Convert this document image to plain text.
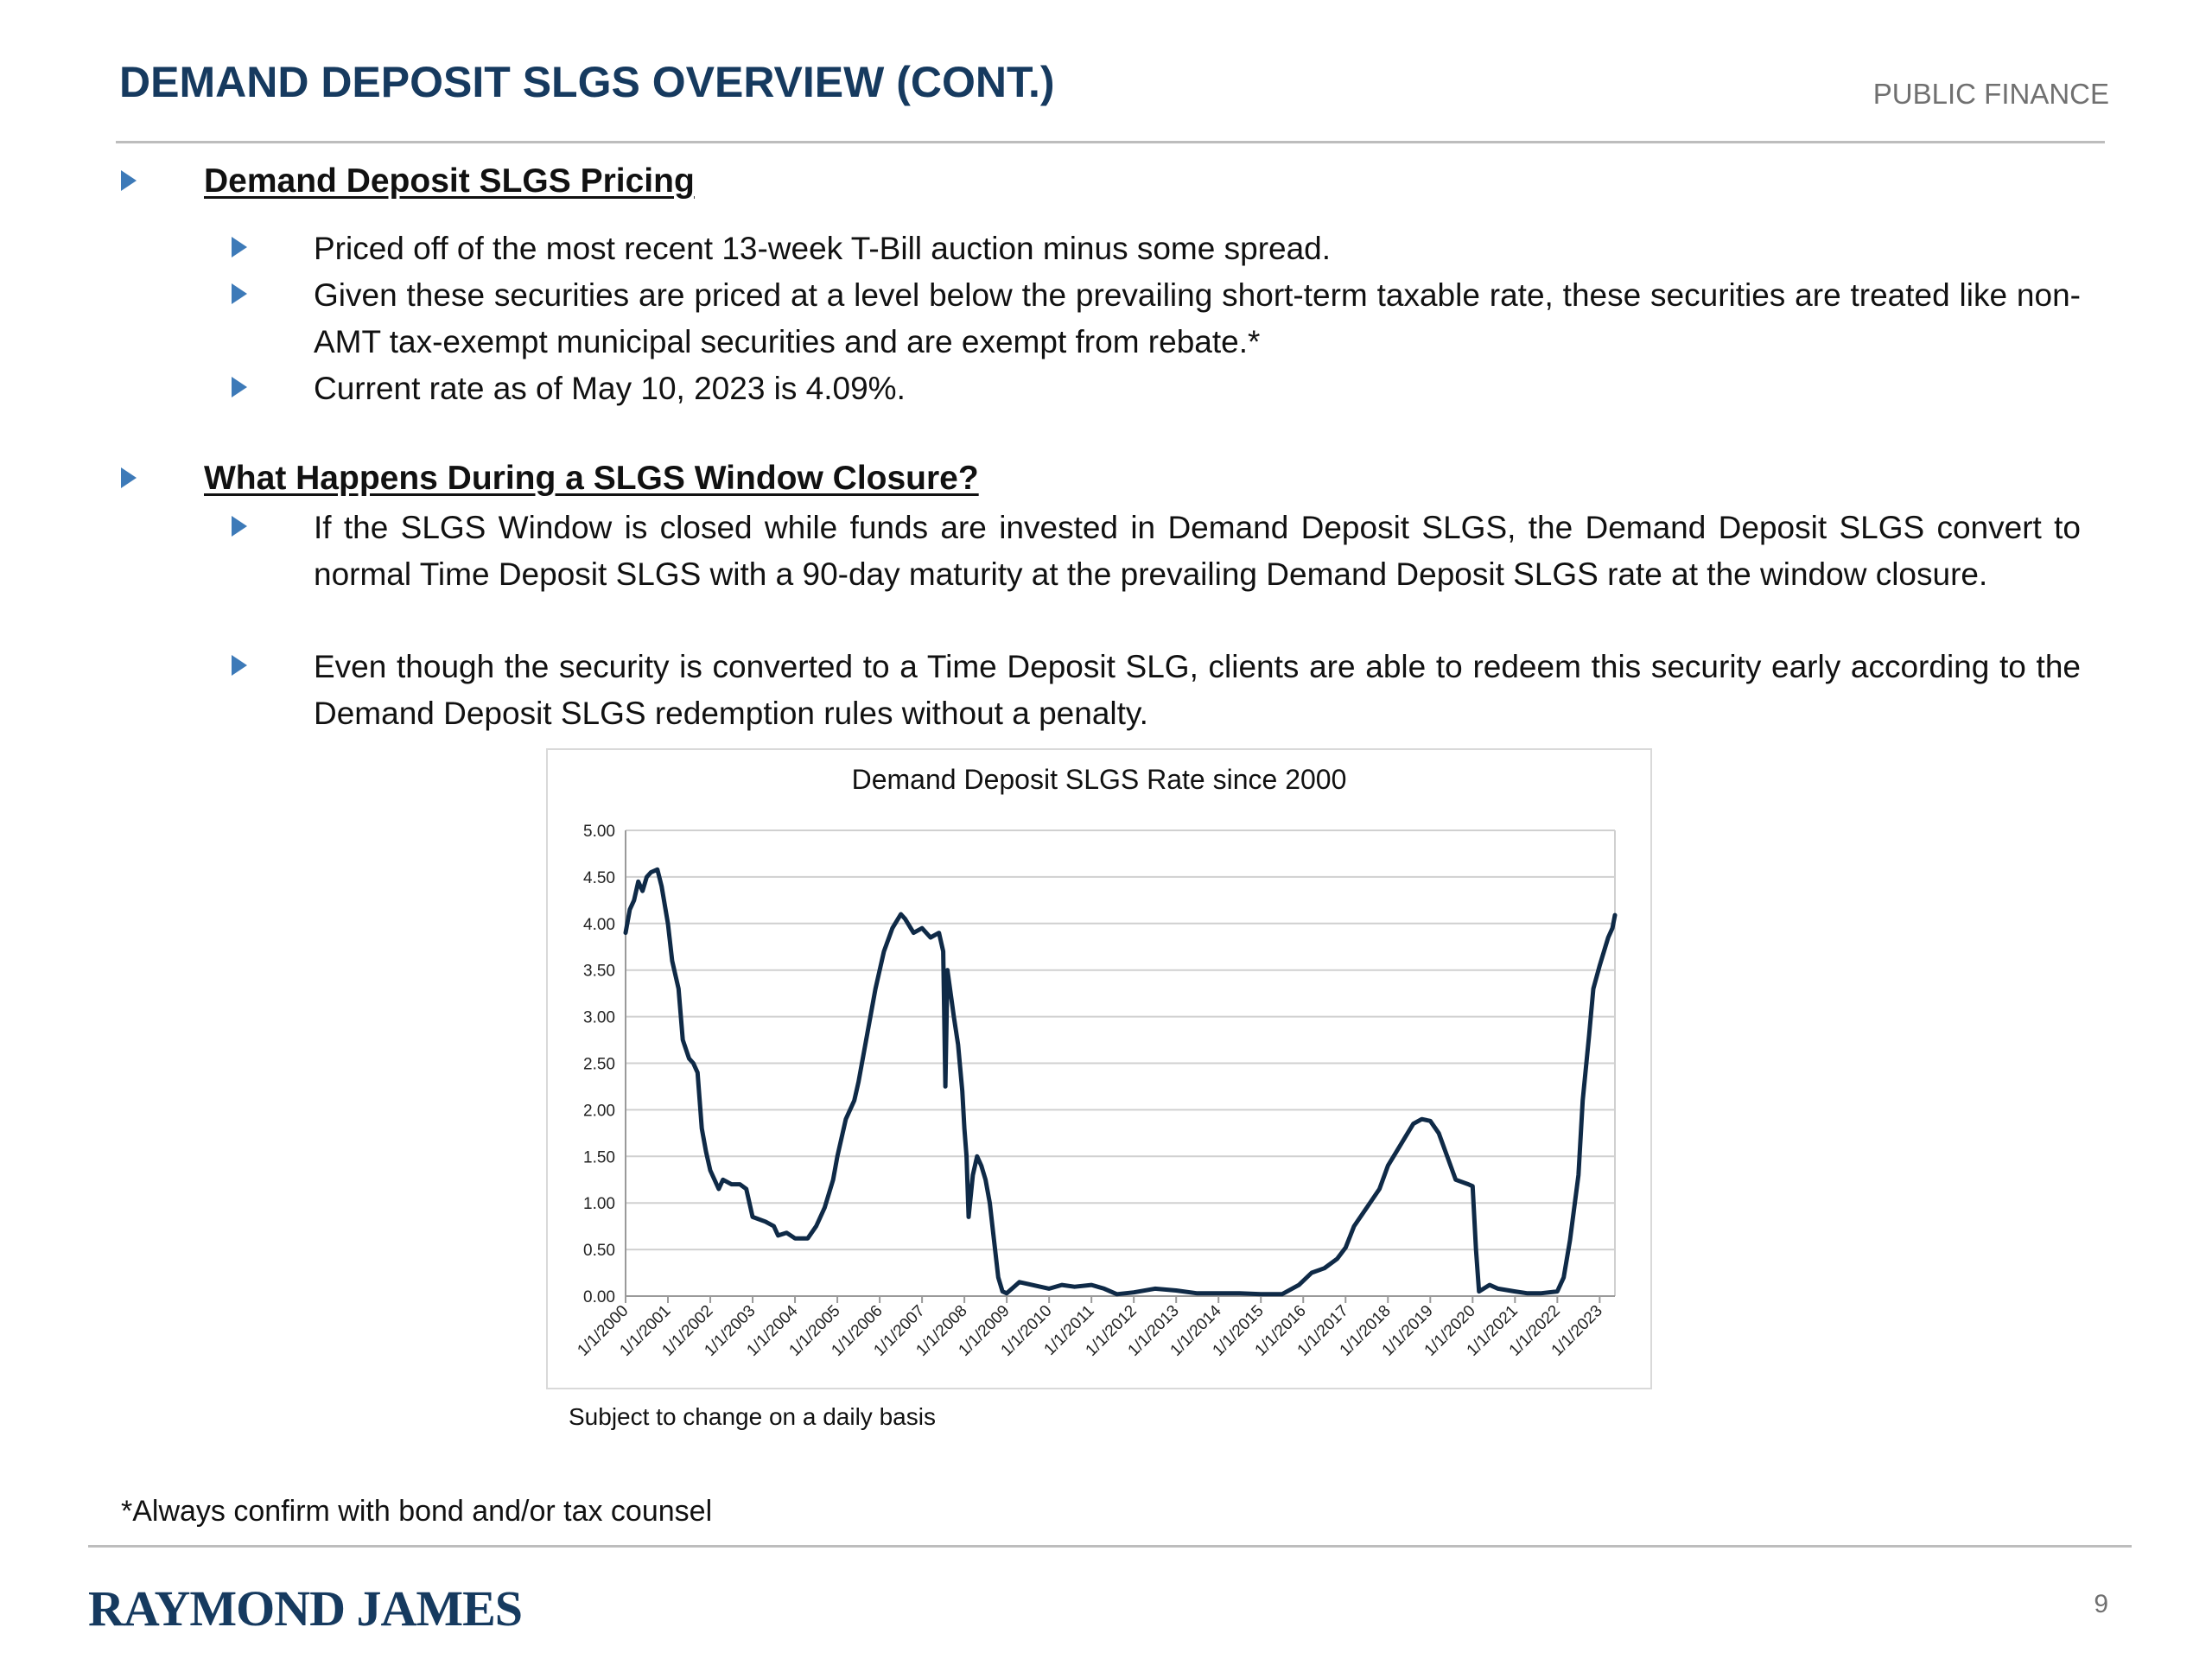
DEMAND DEPOSIT SLGS OVERVIEW (CONT.)	PUBLIC FINANCE
Demand Deposit SLGS Pricing
Priced off of the most recent 13-week T-Bill auction minus some spread.
Given these securities are priced at a level below the prevailing short-term taxable rate, these securities are treated like non-AMT tax-exempt municipal securities and are exempt from rebate.*
Current rate as of May 10, 2023 is 4.09%.
What Happens During a SLGS Window Closure?
If the SLGS Window is closed while funds are invested in Demand Deposit SLGS, the Demand Deposit SLGS convert to normal Time Deposit SLGS with a 90-day maturity at the prevailing Demand Deposit SLGS rate at the window closure.
Even though the security is converted to a Time Deposit SLG, clients are able to redeem this security early according to the Demand Deposit SLGS redemption rules without a penalty.
Demand Deposit SLGS Rate since 2000
0.00
0.50
1.00
1.50
2.00
2.50
3.00
3.50
4.00
4.50
5.00
1/1/2000
1/1/2001
1/1/2002
1/1/2003
1/1/2004
1/1/2005
1/1/2006
1/1/2007
1/1/2008
1/1/2009
1/1/2010
1/1/2011
1/1/2012
1/1/2013
1/1/2014
1/1/2015
1/1/2016
1/1/2017
1/1/2018
1/1/2019
1/1/2020
1/1/2021
1/1/2022
1/1/2023
Subject to change on a daily basis
*Always confirm with bond and/or tax counsel
RAYMOND JAMES	9
